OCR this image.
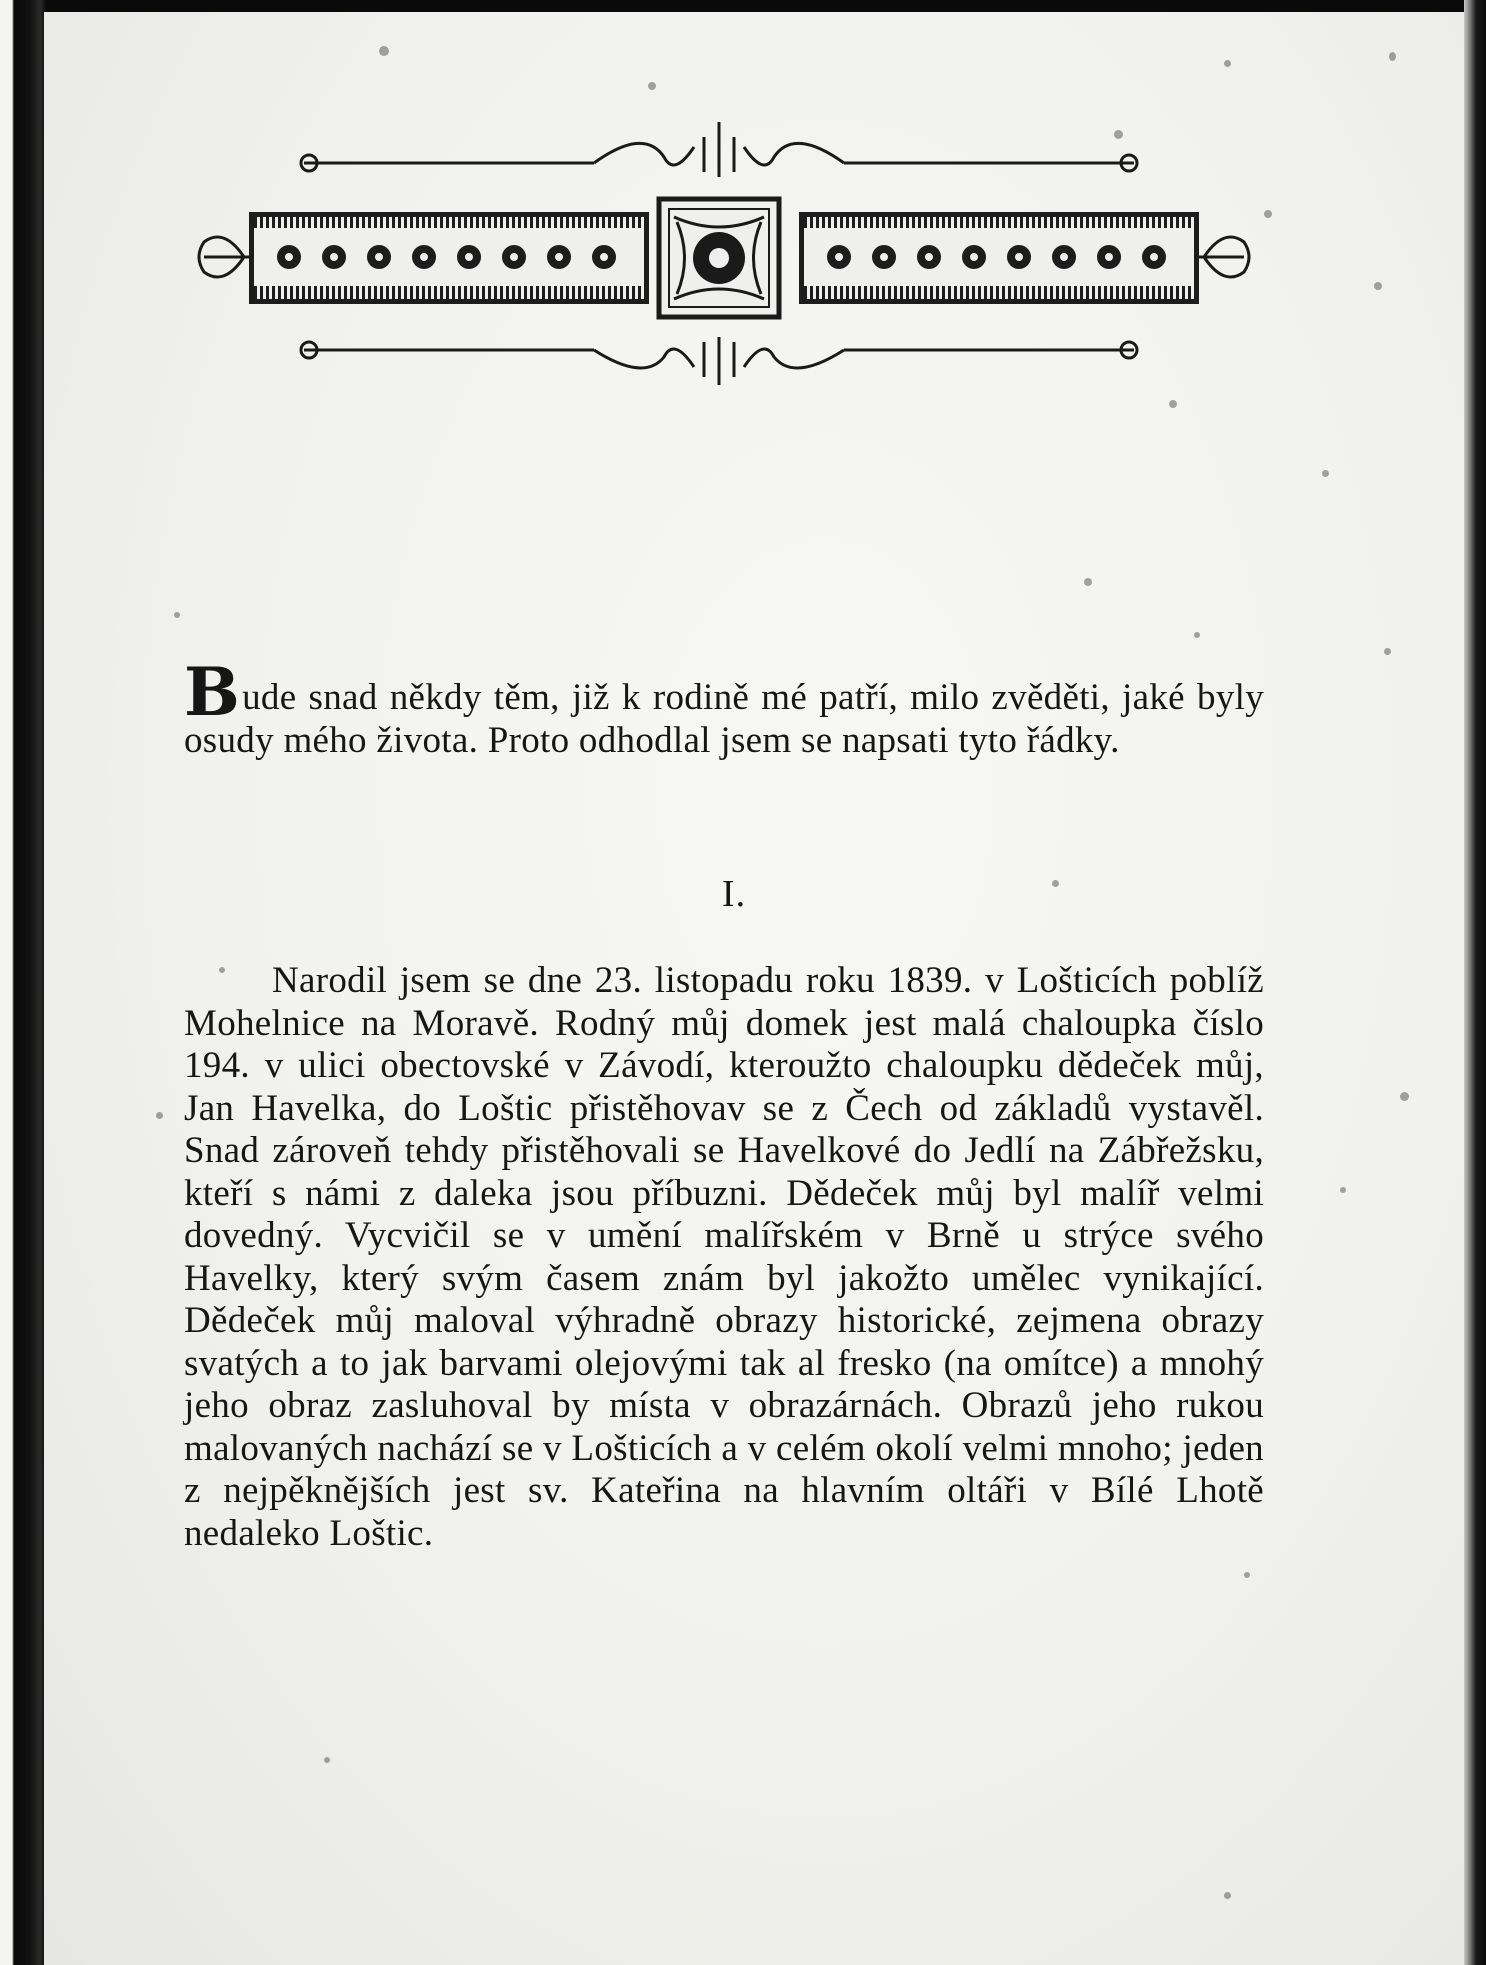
Bude snad někdy těm, již k rodině mé patří, milo zvěděti, jaké byly osudy mého života. Proto odhodlal jsem se napsati tyto řádky.

I.

Narodil jsem se dne 23. listopadu roku 1839. v Lošticích poblíž Mohelnice na Moravě. Rodný můj domek jest malá chaloupka číslo 194. v ulici obectovské v Závodí, kteroužto chaloupku dědeček můj, Jan Havelka, do Loštic přistěhovav se z Čech od základů vystavěl. Snad zároveň tehdy přistěhovali se Havelkové do Jedlí na Zábřežsku, kteří s námi z daleka jsou příbuzni. Dědeček můj byl malíř velmi dovedný. Vycvičil se v umění malířském v Brně u strýce svého Havelky, který svým časem znám byl jakožto umělec vynikající. Dědeček můj maloval výhradně obrazy historické, zejmena obrazy svatých a to jak barvami olejovými tak al fresko (na omítce) a mnohý jeho obraz zasluhoval by místa v obrazárnách. Obrazů jeho rukou malovaných nachází se v Lošticích a v celém okolí velmi mnoho; jeden z nejpěknějších jest sv. Kateřina na hlavním oltáři v Bílé Lhotě nedaleko Loštic.
